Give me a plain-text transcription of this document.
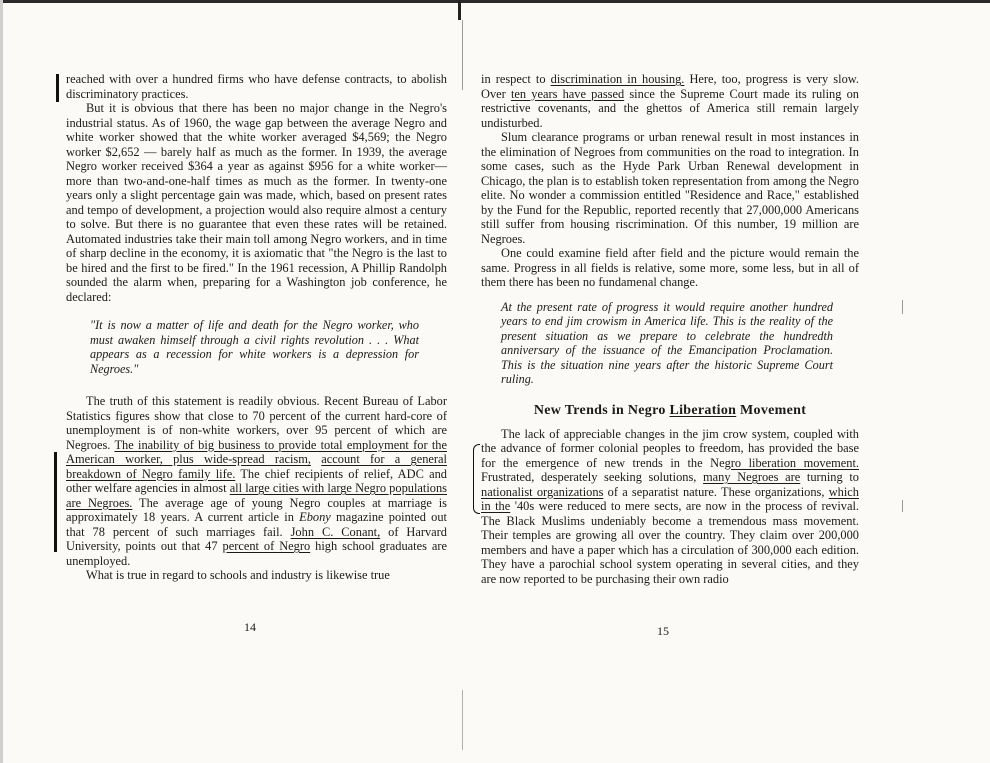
reached with over a hundred firms who have defense contracts, to abolish discriminatory practices.

But it is obvious that there has been no major change in the Negro's industrial status. As of 1960, the wage gap between the average Negro and white worker showed that the white worker averaged $4,569; the Negro worker $2,652 — barely half as much as the former. In 1939, the average Negro worker received $364 a year as against $956 for a white worker—more than two-and-one-half times as much as the former. In twenty-one years only a slight percentage gain was made, which, based on present rates and tempo of development, a projection would also require almost a century to solve. But there is no guarantee that even these rates will be retained. Automated industries take their main toll among Negro workers, and in time of sharp decline in the economy, it is axiomatic that "the Negro is the last to be hired and the first to be fired." In the 1961 recession, A Phillip Randolph sounded the alarm when, preparing for a Washington job conference, he declared:

"It is now a matter of life and death for the Negro worker, who must awaken himself through a civil rights revolution . . . What appears as a recession for white workers is a depression for Negroes."

The truth of this statement is readily obvious. Recent Bureau of Labor Statistics figures show that close to 70 percent of the current hard-core of unemployment is of non-white workers, over 95 percent of which are Negroes. The inability of big business to provide total employment for the American worker, plus wide-spread racism, account for a general breakdown of Negro family life. The chief recipients of relief, ADC and other welfare agencies in almost all large cities with large Negro populations are Negroes. The average age of young Negro couples at marriage is approximately 18 years. A current article in Ebony magazine pointed out that 78 percent of such marriages fail. John C. Conant, of Harvard University, points out that 47 percent of Negro high school graduates are unemployed.

What is true in regard to schools and industry is likewise true

14

in respect to discrimination in housing. Here, too, progress is very slow. Over ten years have passed since the Supreme Court made its ruling on restrictive covenants, and the ghettos of America still remain largely undisturbed.

Slum clearance programs or urban renewal result in most instances in the elimination of Negroes from communities on the road to integration. In some cases, such as the Hyde Park Urban Renewal development in Chicago, the plan is to establish token representation from among the Negro elite. No wonder a commission entitled "Residence and Race," established by the Fund for the Republic, reported recently that 27,000,000 Americans still suffer from housing riscrimination. Of this number, 19 million are Negroes.

One could examine field after field and the picture would remain the same. Progress in all fields is relative, some more, some less, but in all of them there has been no fundamenal change.

At the present rate of progress it would require another hundred years to end jim crowism in America life. This is the reality of the present situation as we prepare to celebrate the hundredth anniversary of the issuance of the Emancipation Proclamation. This is the situation nine years after the historic Supreme Court ruling.

New Trends in Negro Liberation Movement

The lack of appreciable changes in the jim crow system, coupled with the advance of former colonial peoples to freedom, has provided the base for the emergence of new trends in the Negro liberation movement. Frustrated, desperately seeking solutions, many Negroes are turning to nationalist organizations of a separatist nature. These organizations, which in the '40s were reduced to mere sects, are now in the process of revival. The Black Muslims undeniably become a tremendous mass movement. Their temples are growing all over the country. They claim over 200,000 members and have a paper which has a circulation of 300,000 each edition. They have a parochial school system operating in several cities, and they are now reported to be purchasing their own radio

15
